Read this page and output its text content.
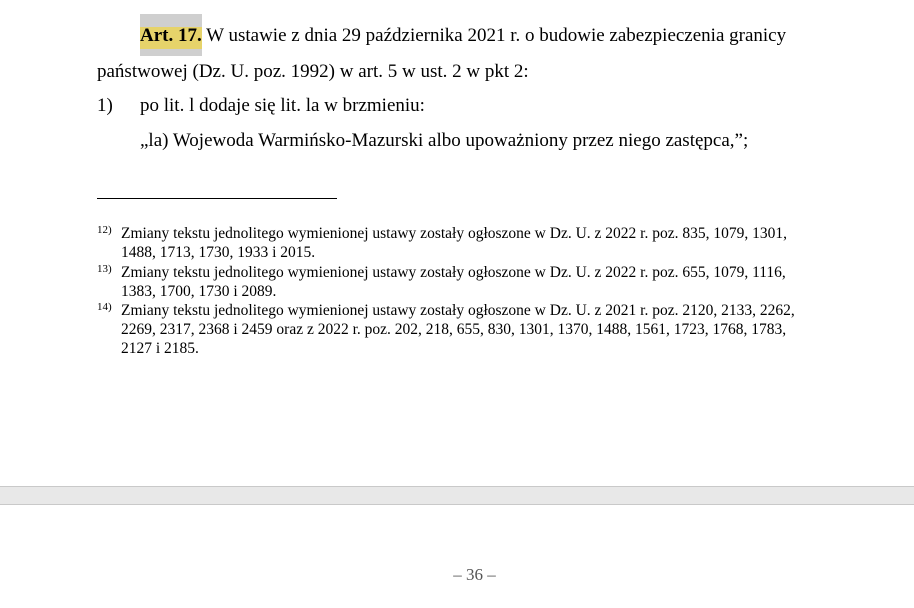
Art. 17. W ustawie z dnia 29 października 2021 r. o budowie zabezpieczenia granicy
państwowej (Dz. U. poz. 1992) w art. 5 w ust. 2 w pkt 2:
1) po lit. l dodaje się lit. la w brzmieniu:
„la) Wojewoda Warmińsko-Mazurski albo upoważniony przez niego zastępca,”;
12) Zmiany tekstu jednolitego wymienionej ustawy zostały ogłoszone w Dz. U. z 2022 r. poz. 835, 1079, 1301,
1488, 1713, 1730, 1933 i 2015.
13) Zmiany tekstu jednolitego wymienionej ustawy zostały ogłoszone w Dz. U. z 2022 r. poz. 655, 1079, 1116,
1383, 1700, 1730 i 2089.
14) Zmiany tekstu jednolitego wymienionej ustawy zostały ogłoszone w Dz. U. z 2021 r. poz. 2120, 2133, 2262,
2269, 2317, 2368 i 2459 oraz z 2022 r. poz. 202, 218, 655, 830, 1301, 1370, 1488, 1561, 1723, 1768, 1783,
2127 i 2185.
– 36 –
